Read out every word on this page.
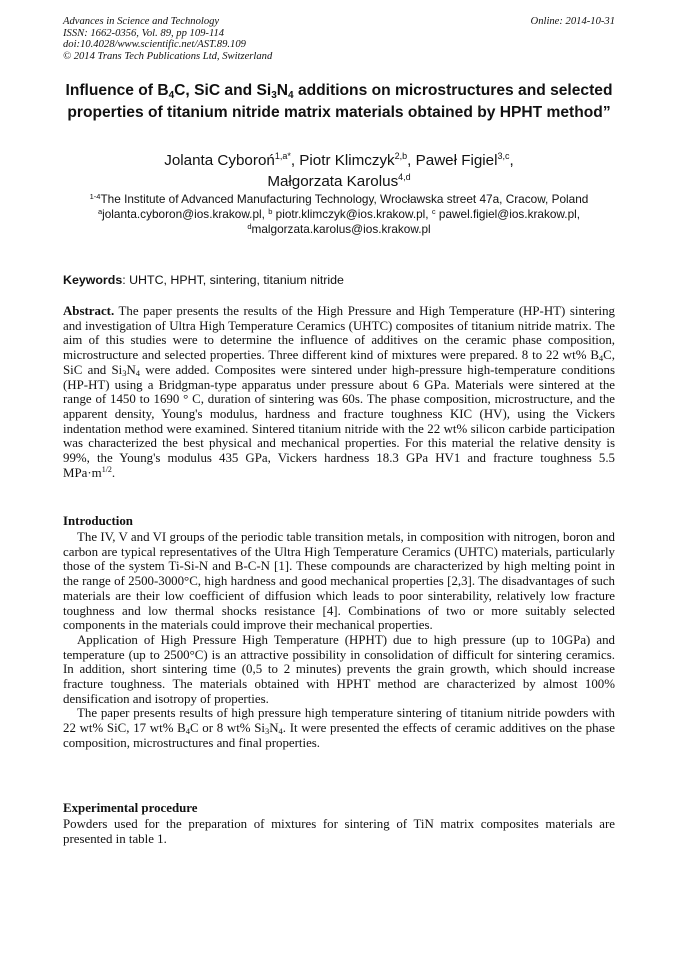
Advances in Science and Technology
ISSN: 1662-0356, Vol. 89, pp 109-114
doi:10.4028/www.scientific.net/AST.89.109
© 2014 Trans Tech Publications Ltd, Switzerland
Online: 2014-10-31
Influence of $B_4C$, SiC and $Si_3N_4$ additions on microstructures and selected properties of titanium nitride matrix materials obtained by HPHT method”
Jolanta Cyboroń$^{1,a*}$, Piotr Klimczyk$^{2,b}$, Paweł Figiel$^{3,c}$,
Małgorzata Karolus$^{4,d}$
$^{1-4}$The Institute of Advanced Manufacturing Technology, Wrocławska street 47a, Cracow, Poland
$^a$jolanta.cyboron@ios.krakow.pl, $^b$ piotr.klimczyk@ios.krakow.pl, $^c$ pawel.figiel@ios.krakow.pl,
$^d$malgorzata.karolus@ios.krakow.pl
Keywords: UHTC, HPHT, sintering, titanium nitride
Abstract. The paper presents the results of the High Pressure and High Temperature (HP-HT) sintering and investigation of Ultra High Temperature Ceramics (UHTC) composites of titanium nitride matrix. The aim of this studies were to determine the influence of additives on the ceramic phase composition, microstructure and selected properties. Three different kind of mixtures were prepared. 8 to 22 wt% $B_4C$, SiC and $Si_3N_4$ were added. Composites were sintered under high-pressure high-temperature conditions (HP-HT) using a Bridgman-type apparatus under pressure about 6 GPa. Materials were sintered at the range of 1450 to 1690 ° C, duration of sintering was 60s. The phase composition, microstructure, and the apparent density, Young's modulus, hardness and fracture toughness KIC (HV), using the Vickers indentation method were examined. Sintered titanium nitride with the 22 wt% silicon carbide participation was characterized the best physical and mechanical properties. For this material the relative density is 99%, the Young's modulus 435 GPa, Vickers hardness 18.3 GPa HV1 and fracture toughness 5.5 $MPa\cdot m^{1/2}$.
Introduction

The IV, V and VI groups of the periodic table transition metals, in composition with nitrogen, boron and carbon are typical representatives of the Ultra High Temperature Ceramics (UHTC) materials, particularly those of the system Ti-Si-N and B-C-N [1]. These compounds are characterized by high melting point in the range of 2500-3000°C, high hardness and good mechanical properties [2,3]. The disadvantages of such materials are their low coefficient of diffusion which leads to poor sinterability, relatively low fracture toughness and low thermal shocks resistance [4]. Combinations of two or more suitably selected components in the materials could improve their mechanical properties.

Application of High Pressure High Temperature (HPHT) due to high pressure (up to 10GPa) and temperature (up to 2500°C) is an attractive possibility in consolidation of difficult for sintering ceramics. In addition, short sintering time (0,5 to 2 minutes) prevents the grain growth, which should increase fracture toughness. The materials obtained with HPHT method are characterized by almost 100% densification and isotropy of properties.

The paper presents results of high pressure high temperature sintering of titanium nitride powders with 22 wt% SiC, 17 wt% $B_4C$ or 8 wt% $Si_3N_4$. It were presented the effects of ceramic additives on the phase composition, microstructures and final properties.

Experimental procedure

Powders used for the preparation of mixtures for sintering of TiN matrix composites materials are presented in table 1.
